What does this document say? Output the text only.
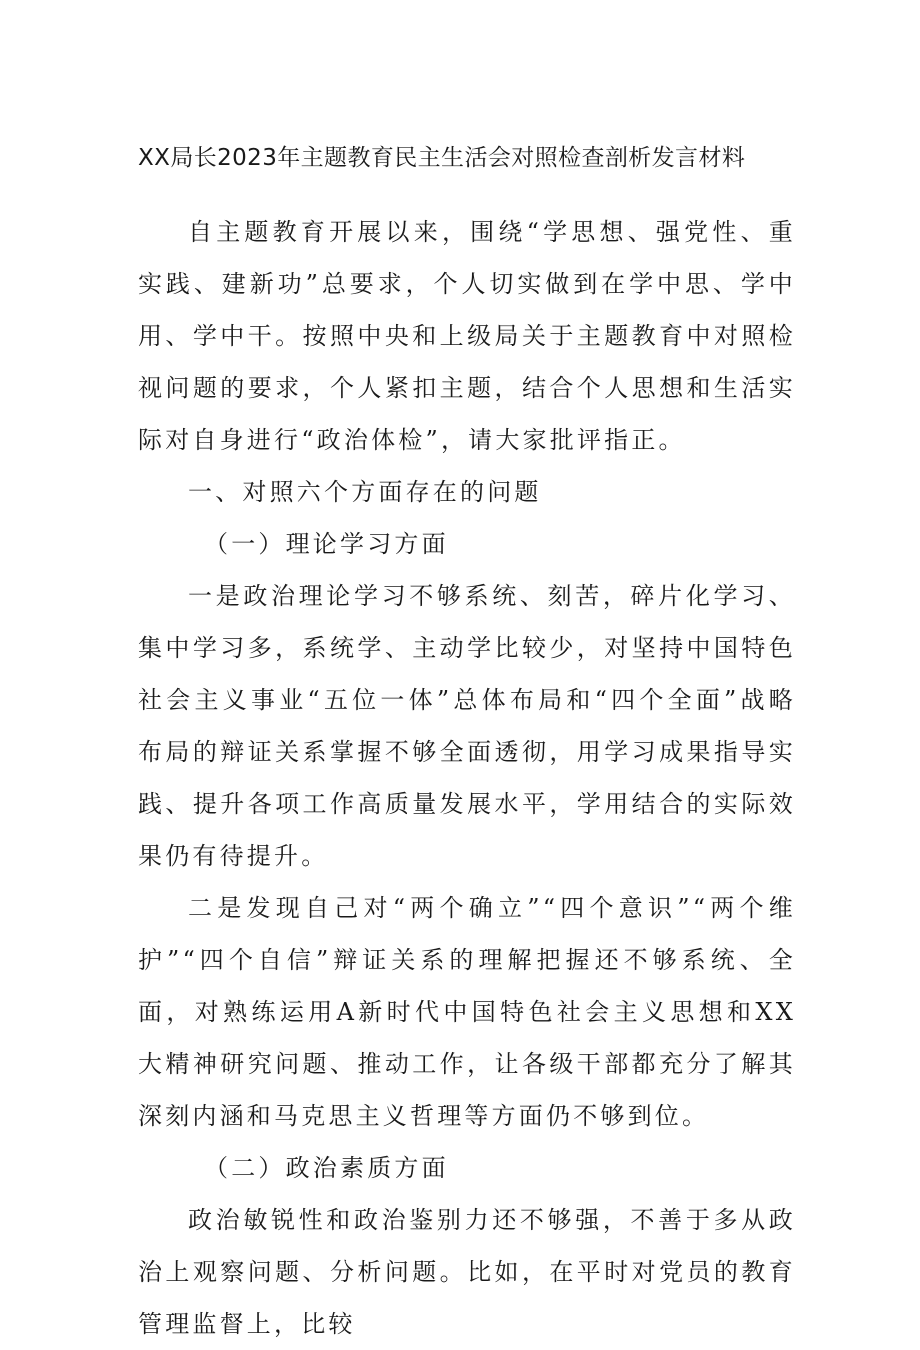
XX局长2023年主题教育民主生活会对照检查剖析发言材料

自主题教育开展以来，围绕“学思想、强党性、重实践、建新功”总要求，个人切实做到在学中思、学中用、学中干。按照中央和上级局关于主题教育中对照检视问题的要求，个人紧扣主题，结合个人思想和生活实际对自身进行“政治体检”，请大家批评指正。

一、对照六个方面存在的问题

（一）理论学习方面

一是政治理论学习不够系统、刻苦，碎片化学习、集中学习多，系统学、主动学比较少，对坚持中国特色社会主义事业“五位一体”总体布局和“四个全面”战略布局的辩证关系掌握不够全面透彻，用学习成果指导实践、提升各项工作高质量发展水平，学用结合的实际效果仍有待提升。

二是发现自己对“两个确立”“四个意识”“两个维护”“四个自信”辩证关系的理解把握还不够系统、全面，对熟练运用A新时代中国特色社会主义思想和XX大精神研究问题、推动工作，让各级干部都充分了解其深刻内涵和马克思主义哲理等方面仍不够到位。

（二）政治素质方面

政治敏锐性和政治鉴别力还不够强，不善于多从政治上观察问题、分析问题。比如，在平时对党员的教育管理监督上，比较
